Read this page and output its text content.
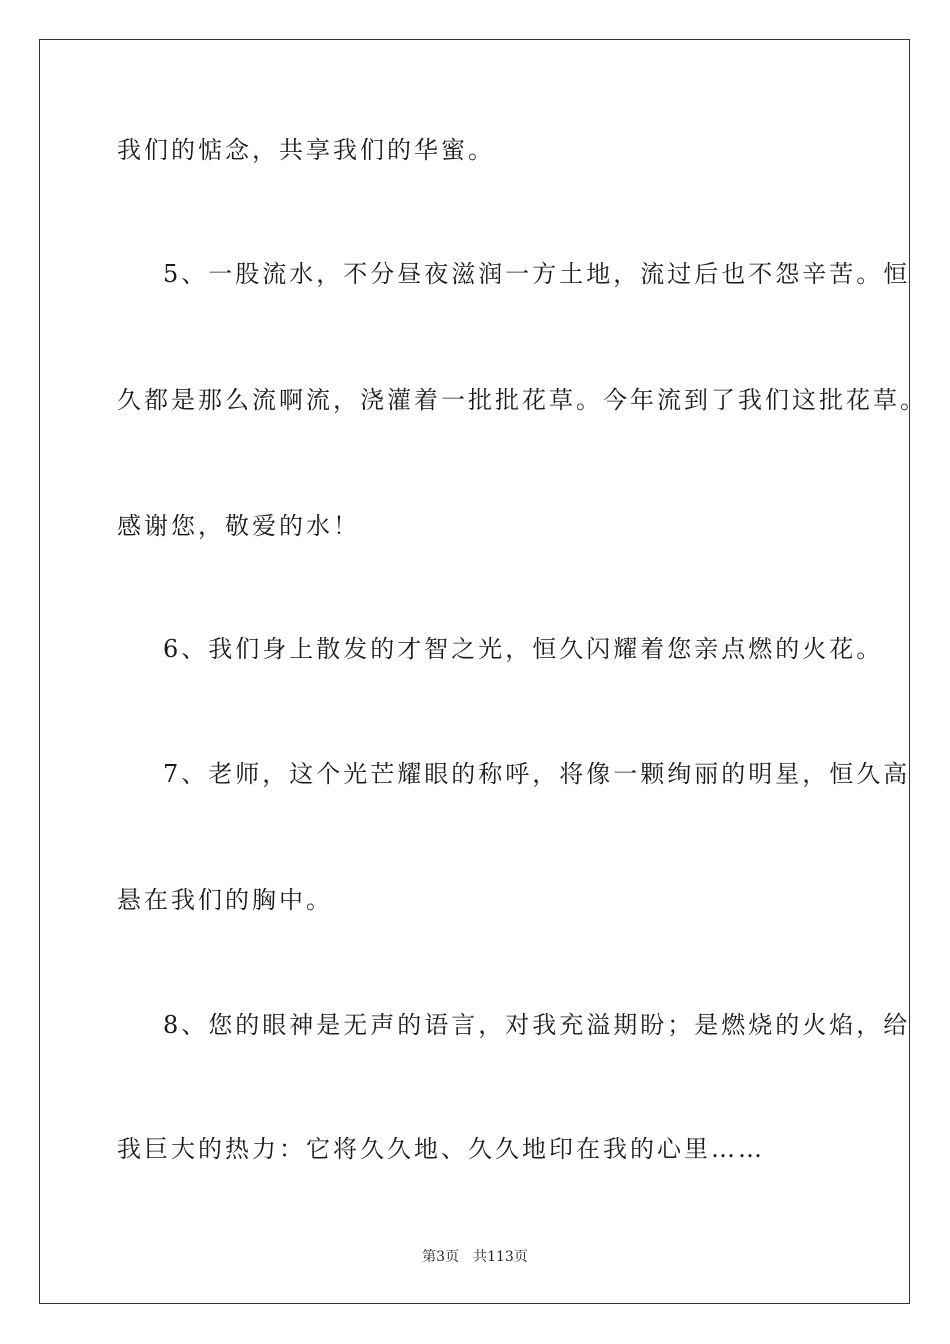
我们的惦念，共享我们的华蜜。
5、一股流水，不分昼夜滋润一方土地，流过后也不怨辛苦。恒
久都是那么流啊流，浇灌着一批批花草。今年流到了我们这批花草。
感谢您，敬爱的水！
6、我们身上散发的才智之光，恒久闪耀着您亲点燃的火花。
7、老师，这个光芒耀眼的称呼，将像一颗绚丽的明星，恒久高
悬在我们的胸中。
8、您的眼神是无声的语言，对我充溢期盼；是燃烧的火焰，给
我巨大的热力：它将久久地、久久地印在我的心里……
第3页 共113页
